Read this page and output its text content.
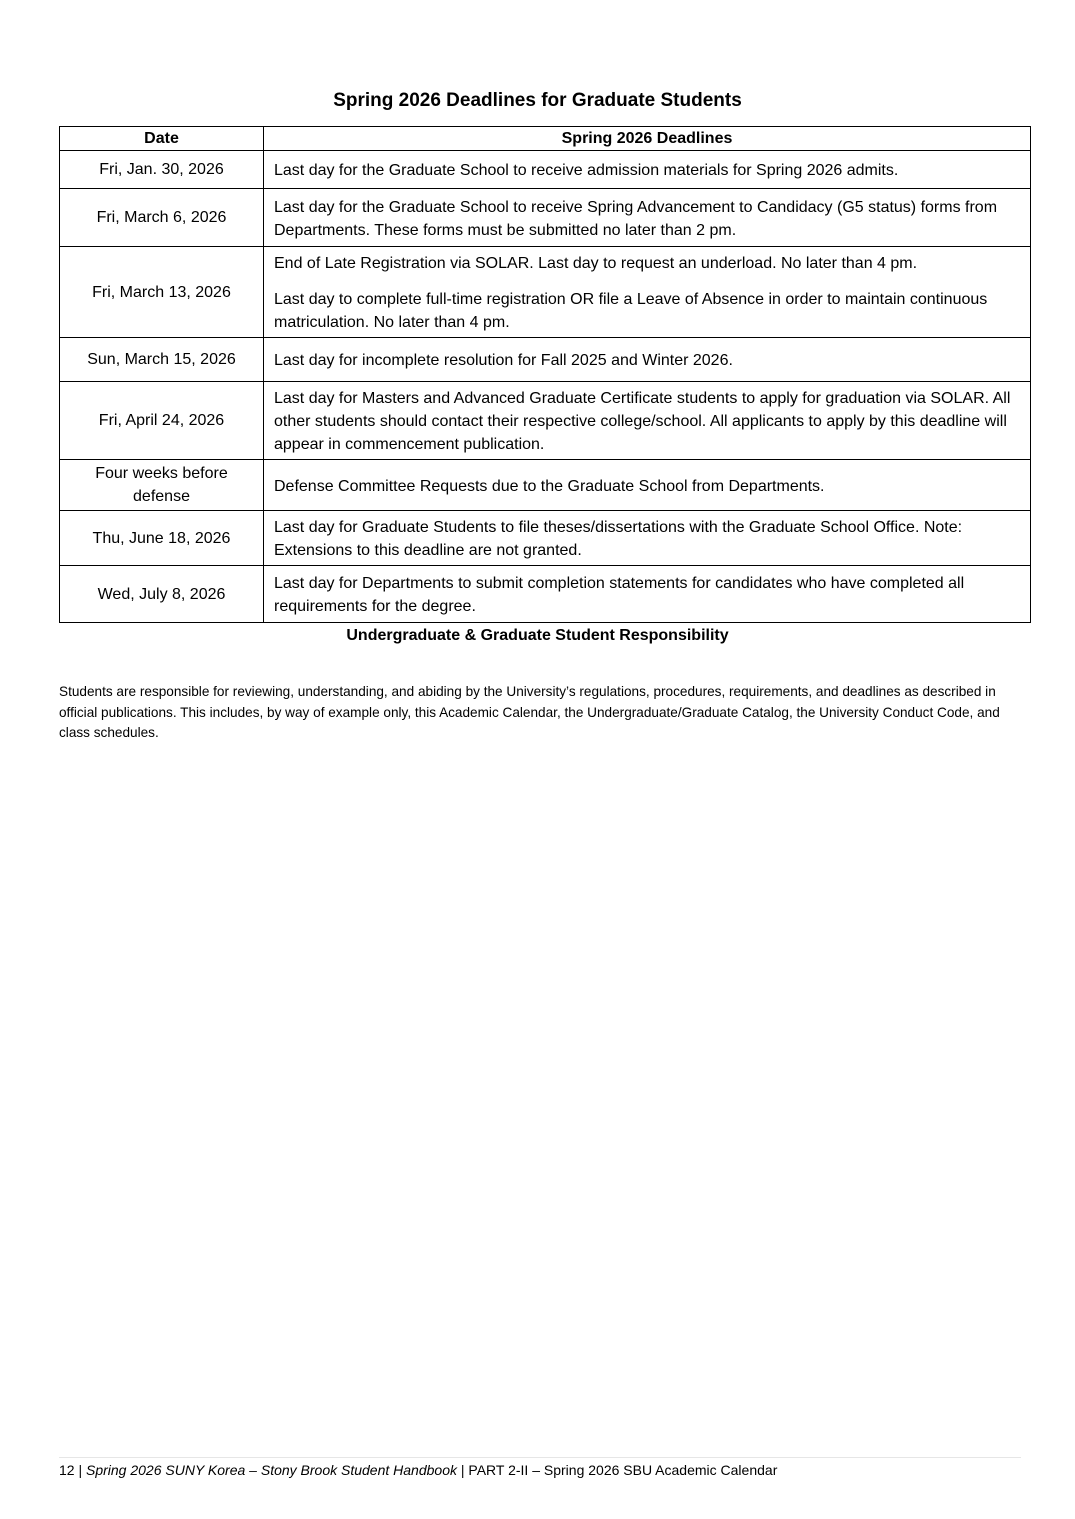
Spring 2026 Deadlines for Graduate Students
Date	Spring 2026 Deadlines
Fri, Jan. 30, 2026	Last day for the Graduate School to receive admission materials for Spring 2026 admits.

Fri, March 6, 2026	Last day for the Graduate School to receive Spring Advancement to Candidacy (G5 status) forms from Departments. These forms must be submitted no later than 2 pm.

Fri, March 13, 2026	End of Late Registration via SOLAR. Last day to request an underload. No later than 4 pm.

Last day to complete full-time registration OR file a Leave of Absence in order to maintain continuous matriculation. No later than 4 pm.

Sun, March 15, 2026	Last day for incomplete resolution for Fall 2025 and Winter 2026.

Fri, April 24, 2026	Last day for Masters and Advanced Graduate Certificate students to apply for graduation via SOLAR. All other students should contact their respective college/school. All applicants to apply by this deadline will appear in commencement publication.

Four weeks before defense	Defense Committee Requests due to the Graduate School from Departments.

Thu, June 18, 2026	Last day for Graduate Students to file theses/dissertations with the Graduate School Office. Note: Extensions to this deadline are not granted.

Wed, July 8, 2026	Last day for Departments to submit completion statements for candidates who have completed all requirements for the degree.

Undergraduate & Graduate Student Responsibility
Students are responsible for reviewing, understanding, and abiding by the University’s regulations, procedures, requirements, and deadlines as described in official publications. This includes, by way of example only, this Academic Calendar, the Undergraduate/Graduate Catalog, the University Conduct Code, and class schedules.
12 | Spring 2026 SUNY Korea – Stony Brook Student Handbook | PART 2-II – Spring 2026 SBU Academic Calendar
